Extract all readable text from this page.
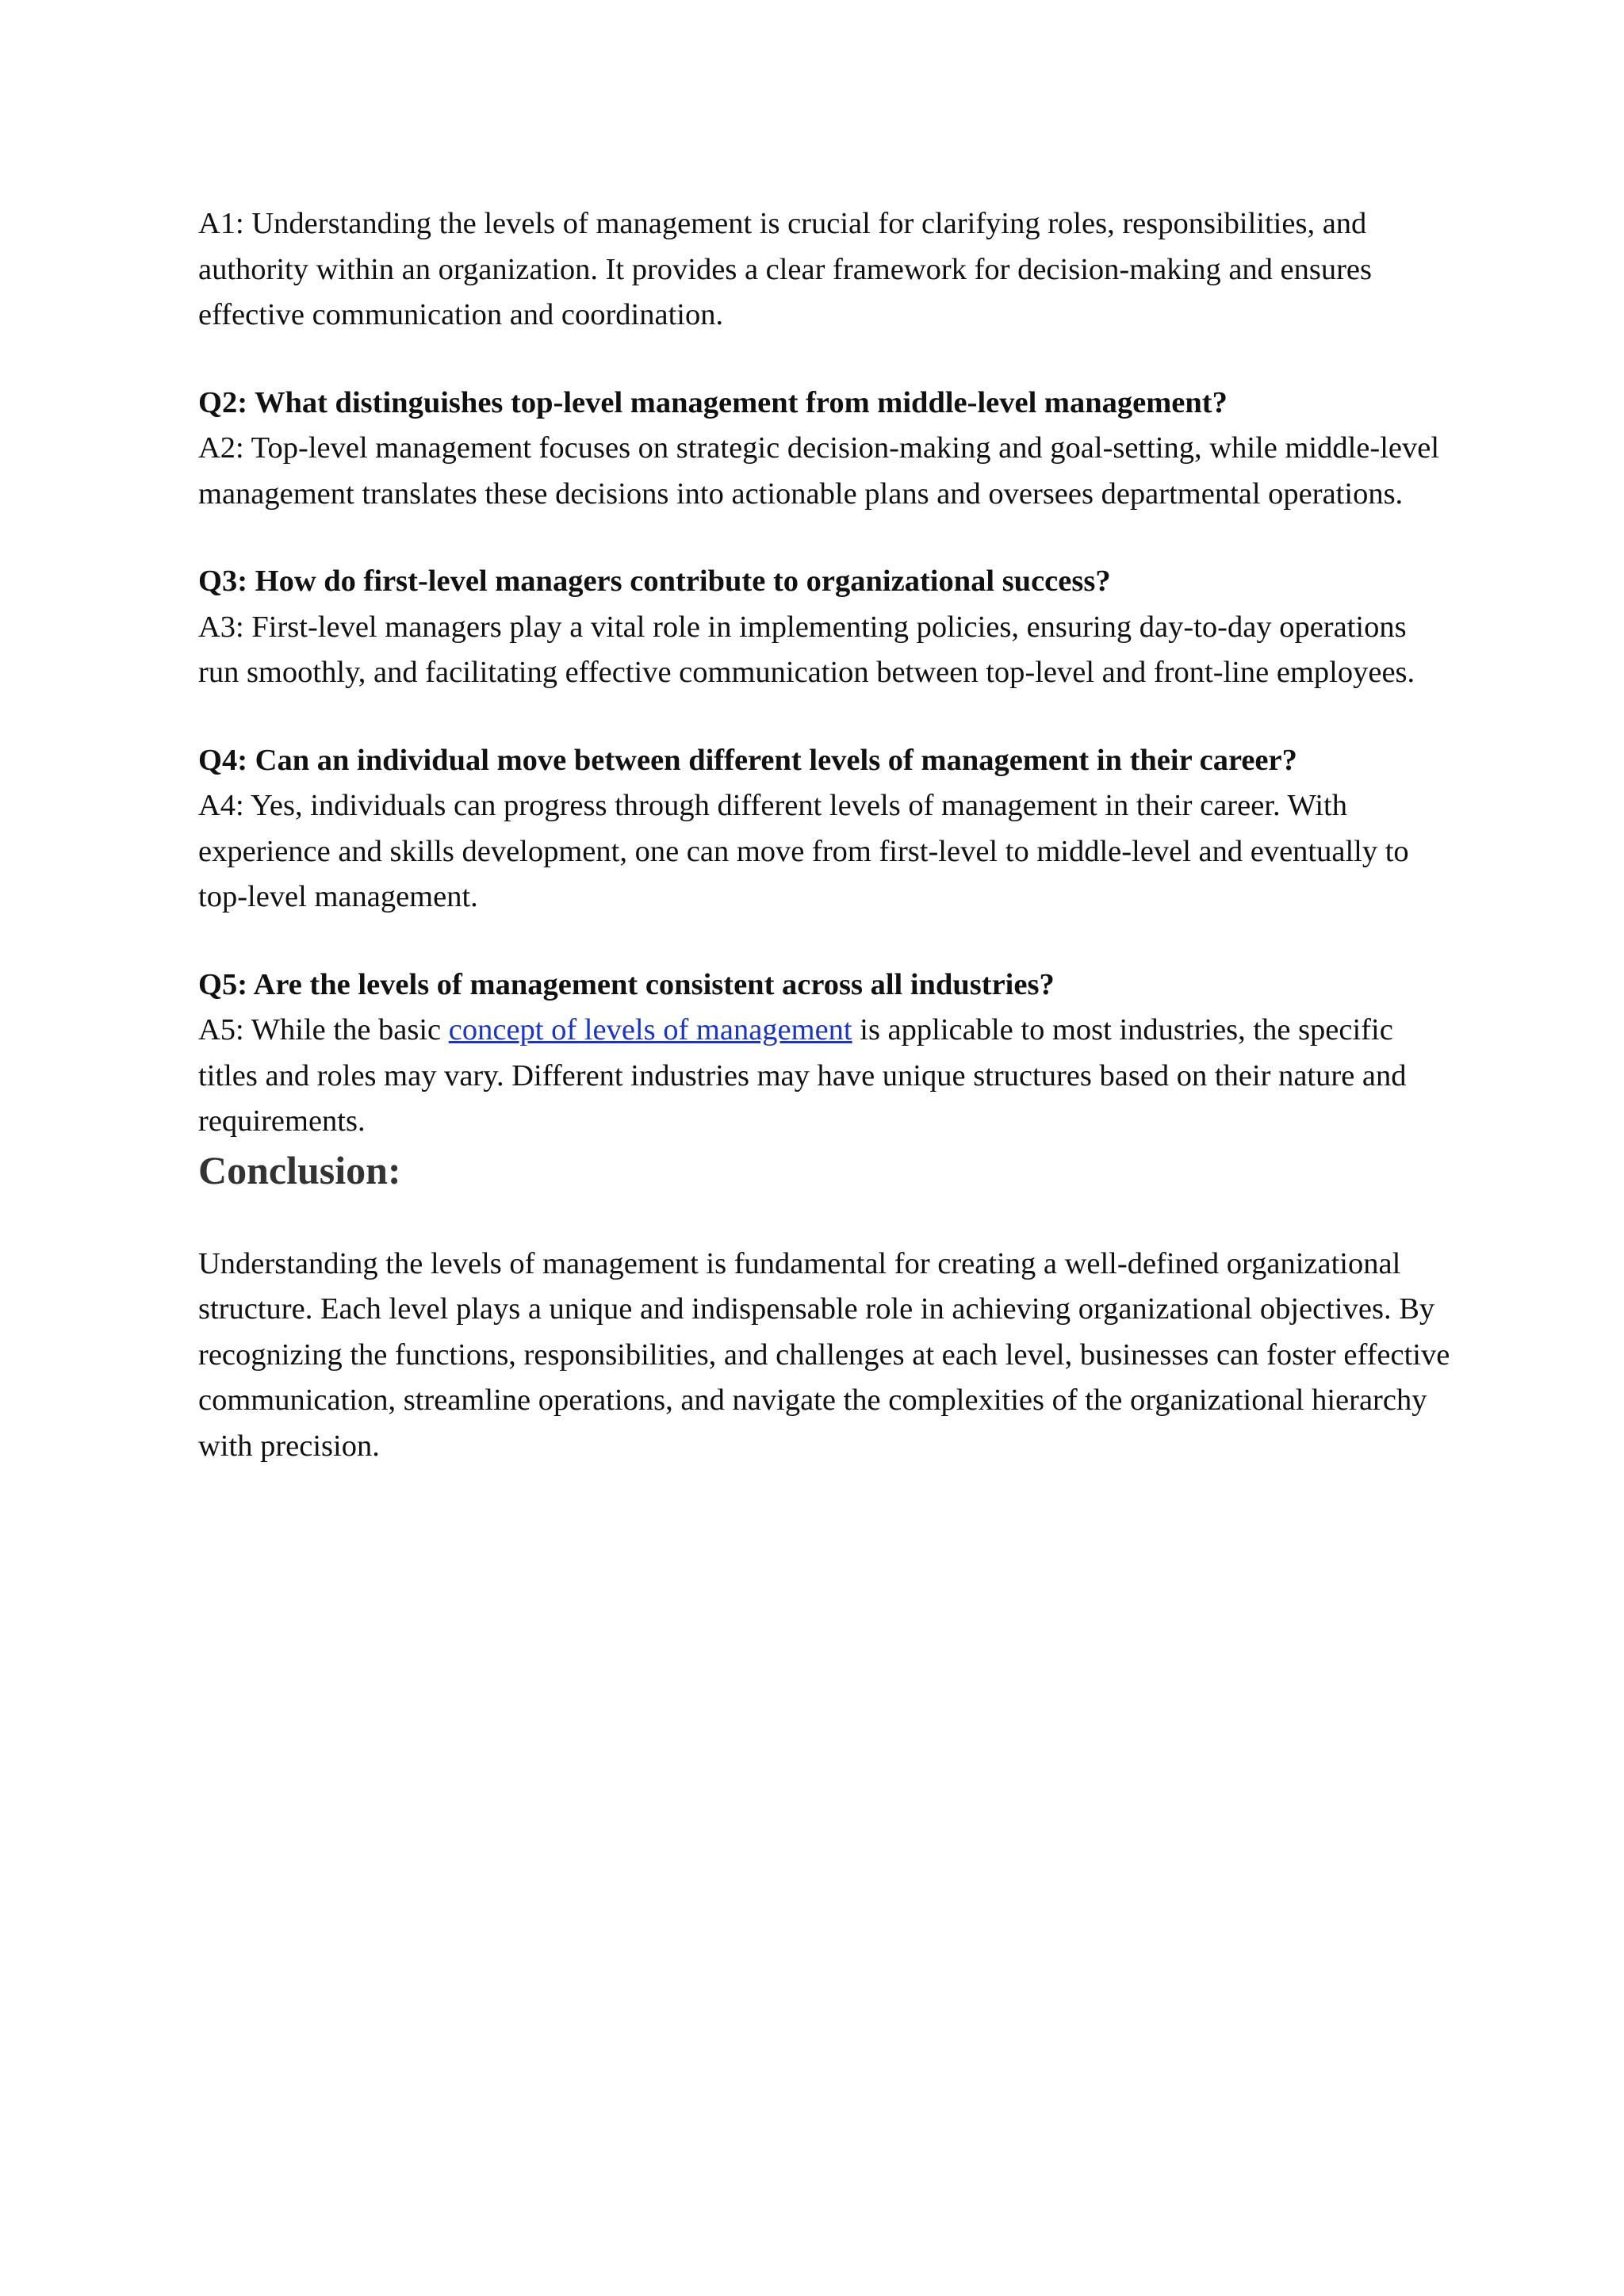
A1: Understanding the levels of management is crucial for clarifying roles, responsibilities, and authority within an organization. It provides a clear framework for decision-making and ensures effective communication and coordination.

Q2: What distinguishes top-level management from middle-level management?

A2: Top-level management focuses on strategic decision-making and goal-setting, while middle-level management translates these decisions into actionable plans and oversees departmental operations.

Q3: How do first-level managers contribute to organizational success?

A3: First-level managers play a vital role in implementing policies, ensuring day-to-day operations run smoothly, and facilitating effective communication between top-level and front-line employees.

Q4: Can an individual move between different levels of management in their career?

A4: Yes, individuals can progress through different levels of management in their career. With experience and skills development, one can move from first-level to middle-level and eventually to top-level management.

Q5: Are the levels of management consistent across all industries?

A5: While the basic concept of levels of management is applicable to most industries, the specific titles and roles may vary. Different industries may have unique structures based on their nature and requirements.

Conclusion:

Understanding the levels of management is fundamental for creating a well-defined organizational structure. Each level plays a unique and indispensable role in achieving organizational objectives. By recognizing the functions, responsibilities, and challenges at each level, businesses can foster effective communication, streamline operations, and navigate the complexities of the organizational hierarchy with precision.
